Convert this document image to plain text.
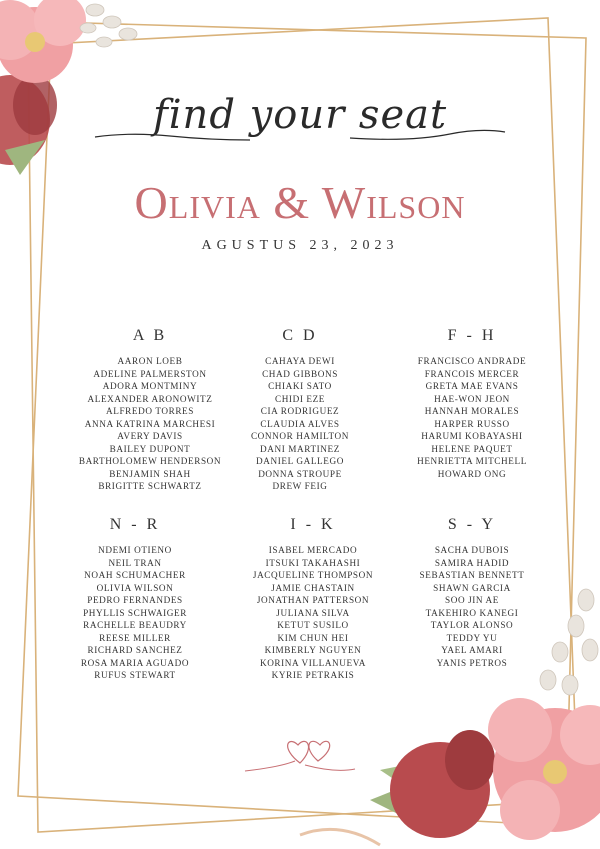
find your seat
Olivia & Wilson
AGUSTUS 23, 2023
A B
AARON LOEB
ADELINE PALMERSTON
ADORA MONTMINY
ALEXANDER ARONOWITZ
ALFREDO TORRES
ANNA KATRINA MARCHESI
AVERY DAVIS
BAILEY DUPONT
BARTHOLOMEW HENDERSON
BENJAMIN SHAH
BRIGITTE SCHWARTZ
C D
CAHAYA DEWI
CHAD GIBBONS
CHIAKI SATO
CHIDI EZE
CIA RODRIGUEZ
CLAUDIA ALVES
CONNOR HAMILTON
DANI MARTINEZ
DANIEL GALLEGO
DONNA STROUPE
DREW FEIG
F - H
FRANCISCO ANDRADE
FRANCOIS MERCER
GRETA MAE EVANS
HAE-WON JEON
HANNAH MORALES
HARPER RUSSO
HARUMI KOBAYASHI
HELENE PAQUET
HENRIETTA MITCHELL
HOWARD ONG
N - R
NDEMI OTIENO
NEIL TRAN
NOAH SCHUMACHER
OLIVIA WILSON
PEDRO FERNANDES
PHYLLIS SCHWAIGER
RACHELLE BEAUDRY
REESE MILLER
RICHARD SANCHEZ
ROSA MARIA AGUADO
RUFUS STEWART
I - K
ISABEL MERCADO
ITSUKI TAKAHASHI
JACQUELINE THOMPSON
JAMIE CHASTAIN
JONATHAN PATTERSON
JULIANA SILVA
KETUT SUSILO
KIM CHUN HEI
KIMBERLY NGUYEN
KORINA VILLANUEVA
KYRIE PETRAKIS
S - Y
SACHA DUBOIS
SAMIRA HADID
SEBASTIAN BENNETT
SHAWN GARCIA
SOO JIN AE
TAKEHIRO KANEGI
TAYLOR ALONSO
TEDDY YU
YAEL AMARI
YANIS PETROS
